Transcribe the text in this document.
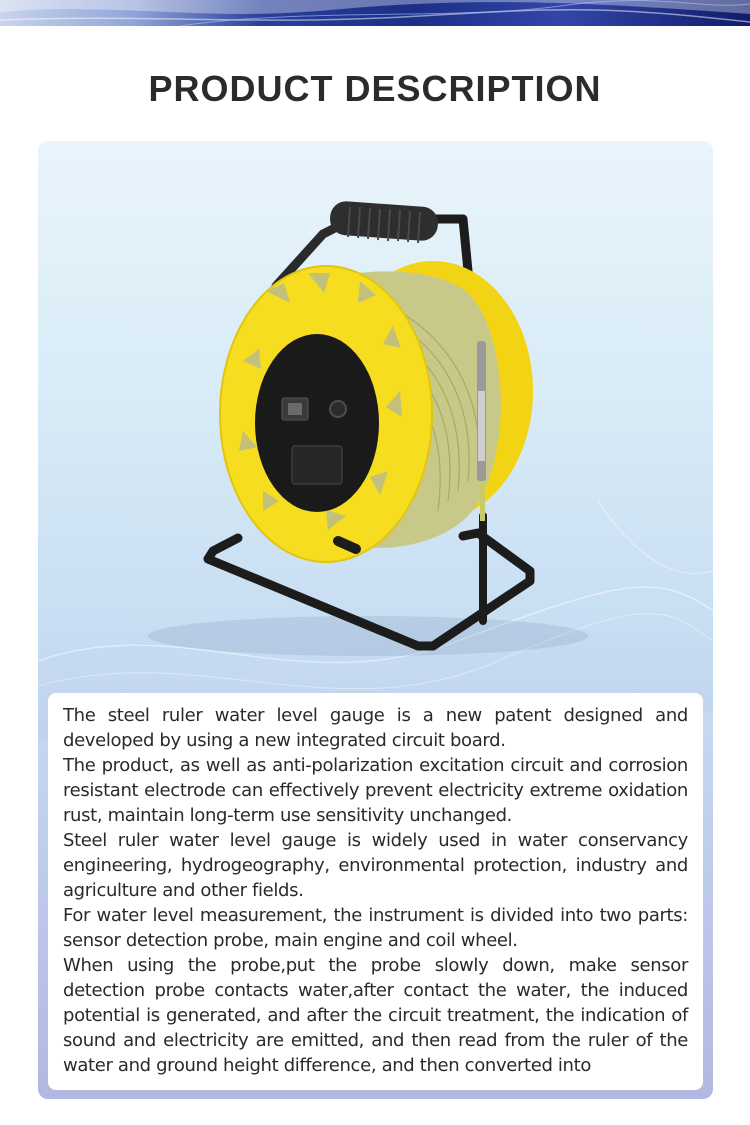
PRODUCT DESCRIPTION

The steel ruler water level gauge is a new patent designed and developed by using a new integrated circuit board.

The product, as well as anti-polarization excitation circuit and corrosion resistant electrode can effectively prevent electricity extreme oxidation rust, maintain long-term use sensitivity unchanged.

Steel ruler water level gauge is widely used in water conservancy engineering, hydrogeography, environmental protection, industry and agriculture and other fields.

For water level measurement, the instrument is divided into two parts: sensor detection probe, main engine and coil wheel.

When using the probe,put the probe slowly down, make sensor detection probe contacts water,after contact the water, the induced potential is generated, and after the circuit treatment, the indication of sound and electricity are emitted, and then read from the ruler of the water and ground height difference, and then converted into
